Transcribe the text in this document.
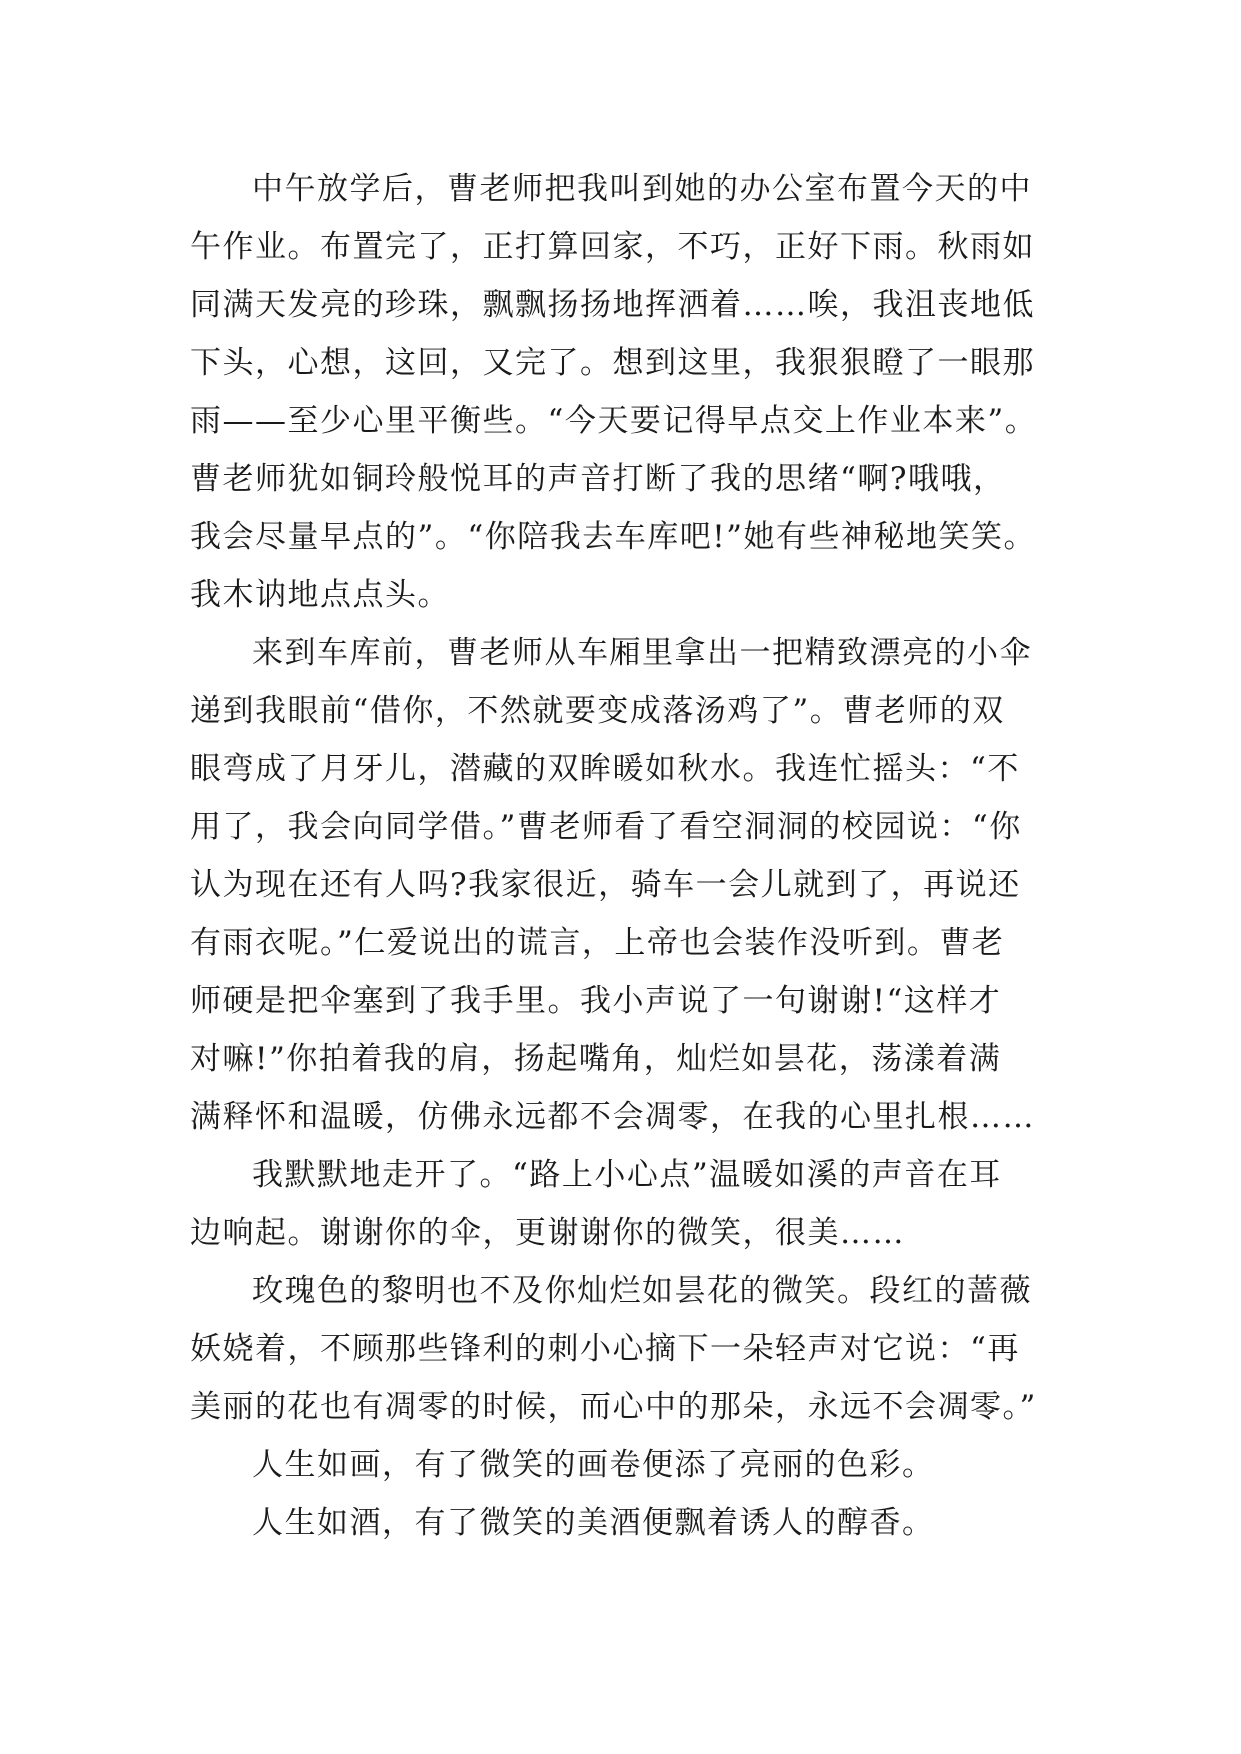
中午放学后，曹老师把我叫到她的办公室布置今天的中
午作业。布置完了，正打算回家，不巧，正好下雨。秋雨如
同满天发亮的珍珠，飘飘扬扬地挥洒着……唉，我沮丧地低
下头，心想，这回，又完了。想到这里，我狠狠瞪了一眼那
雨——至少心里平衡些。“今天要记得早点交上作业本来”。
曹老师犹如铜玲般悦耳的声音打断了我的思绪“啊?哦哦，
我会尽量早点的”。“你陪我去车库吧!”她有些神秘地笑笑。
我木讷地点点头。
来到车库前，曹老师从车厢里拿出一把精致漂亮的小伞
递到我眼前“借你，不然就要变成落汤鸡了”。曹老师的双
眼弯成了月牙儿，潜藏的双眸暖如秋水。我连忙摇头：“不
用了，我会向同学借。”曹老师看了看空洞洞的校园说：“你
认为现在还有人吗?我家很近，骑车一会儿就到了，再说还
有雨衣呢。”仁爱说出的谎言，上帝也会装作没听到。曹老
师硬是把伞塞到了我手里。我小声说了一句谢谢!“这样才
对嘛!”你拍着我的肩，扬起嘴角，灿烂如昙花，荡漾着满
满释怀和温暖，仿佛永远都不会凋零，在我的心里扎根……
我默默地走开了。“路上小心点”温暖如溪的声音在耳
边响起。谢谢你的伞，更谢谢你的微笑，很美……
玫瑰色的黎明也不及你灿烂如昙花的微笑。段红的蔷薇
妖娆着，不顾那些锋利的刺小心摘下一朵轻声对它说：“再
美丽的花也有凋零的时候，而心中的那朵，永远不会凋零。”
人生如画，有了微笑的画卷便添了亮丽的色彩。
人生如酒，有了微笑的美酒便飘着诱人的醇香。
